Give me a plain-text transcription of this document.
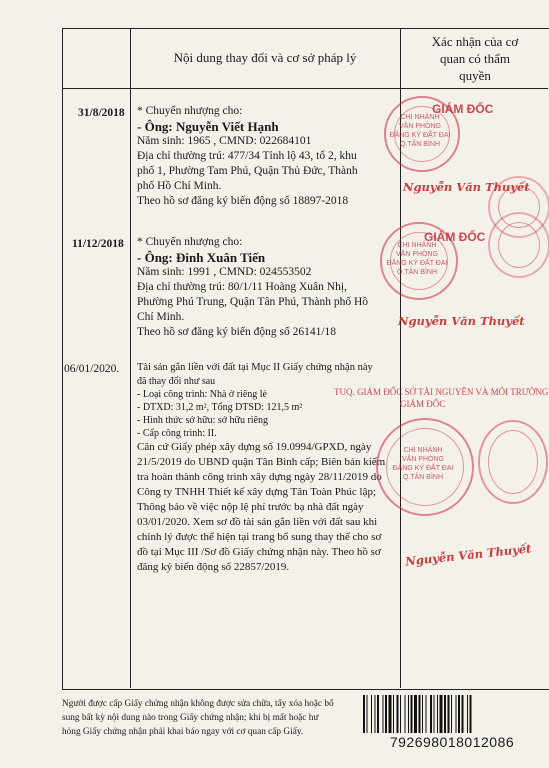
Nội dung thay đổi và cơ sở pháp lý
Xác nhận của cơ
quan có thẩm
quyền
31/8/2018 * Chuyển nhượng cho:
- Ông: Nguyễn Viết Hạnh
Năm sinh: 1965 , CMND: 022684101
Địa chỉ thường trú: 477/34 Tỉnh lộ 43, tổ 2, khu
phố 1, Phường Tam Phú, Quận Thủ Đức, Thành
phố Hồ Chí Minh.
Theo hồ sơ đăng ký biến động số 18897-2018
11/12/2018 * Chuyển nhượng cho:
- Ông: Đinh Xuân Tiến
Năm sinh: 1991 , CMND: 024553502
Địa chỉ thường trú: 80/1/11 Hoàng Xuân Nhị,
Phường Phú Trung, Quận Tân Phú, Thành phố Hồ
Chí Minh.
Theo hồ sơ đăng ký biến động số 26141/18
06/01/2020. Tài sản gắn liền với đất tại Mục II Giấy chứng nhận này
đã thay đổi như sau
- Loại công trình: Nhà ở riêng lẻ
- DTXD: 31,2 m², Tổng DTSD: 121,5 m²
- Hình thức sở hữu: sở hữu riêng
- Cấp công trình: II.
Căn cứ Giấy phép xây dựng số 19.0994/GPXD, ngày
21/5/2019 do UBND quận Tân Bình cấp; Biên bản kiểm
tra hoàn thành công trình xây dựng ngày 28/11/2019 do
Công ty TNHH Thiết kế xây dựng Tân Toàn Phúc lập;
Thông báo về việc nộp lệ phí trước bạ nhà đất ngày
03/01/2020. Xem sơ đồ tài sản gắn liền với đất sau khi
chỉnh lý được thể hiện tại trang bổ sung thay thế cho sơ
đồ tại Mục III /Sơ đồ Giấy chứng nhận này. Theo hồ sơ
đăng ký biến động số 22857/2019.
CHI NHÁNH
VĂN PHÒNG
ĐĂNG KÝ ĐẤT ĐAI
Q.TÂN BÌNH
GIÁM ĐỐC
Nguyễn Văn Thuyết
CHI NHÁNH
VĂN PHÒNG
ĐĂNG KÝ ĐẤT ĐAI
Q.TÂN BÌNH
GIÁM ĐỐC
Nguyễn Văn Thuyết
TUQ. GIÁM ĐỐC SỞ TÀI NGUYÊN VÀ MÔI TRƯỜNG
GIÁM ĐỐC
CHI NHÁNH
VĂN PHÒNG
ĐĂNG KÝ ĐẤT ĐAI
Q.TÂN BÌNH
Nguyễn Văn Thuyết
Người được cấp Giấy chứng nhận không được sửa chữa, tẩy xóa hoặc bổ
sung bất kỳ nội dung nào trong Giấy chứng nhận; khi bị mất hoặc hư
hỏng Giấy chứng nhận phải khai báo ngay với cơ quan cấp Giấy.
792698018012086
